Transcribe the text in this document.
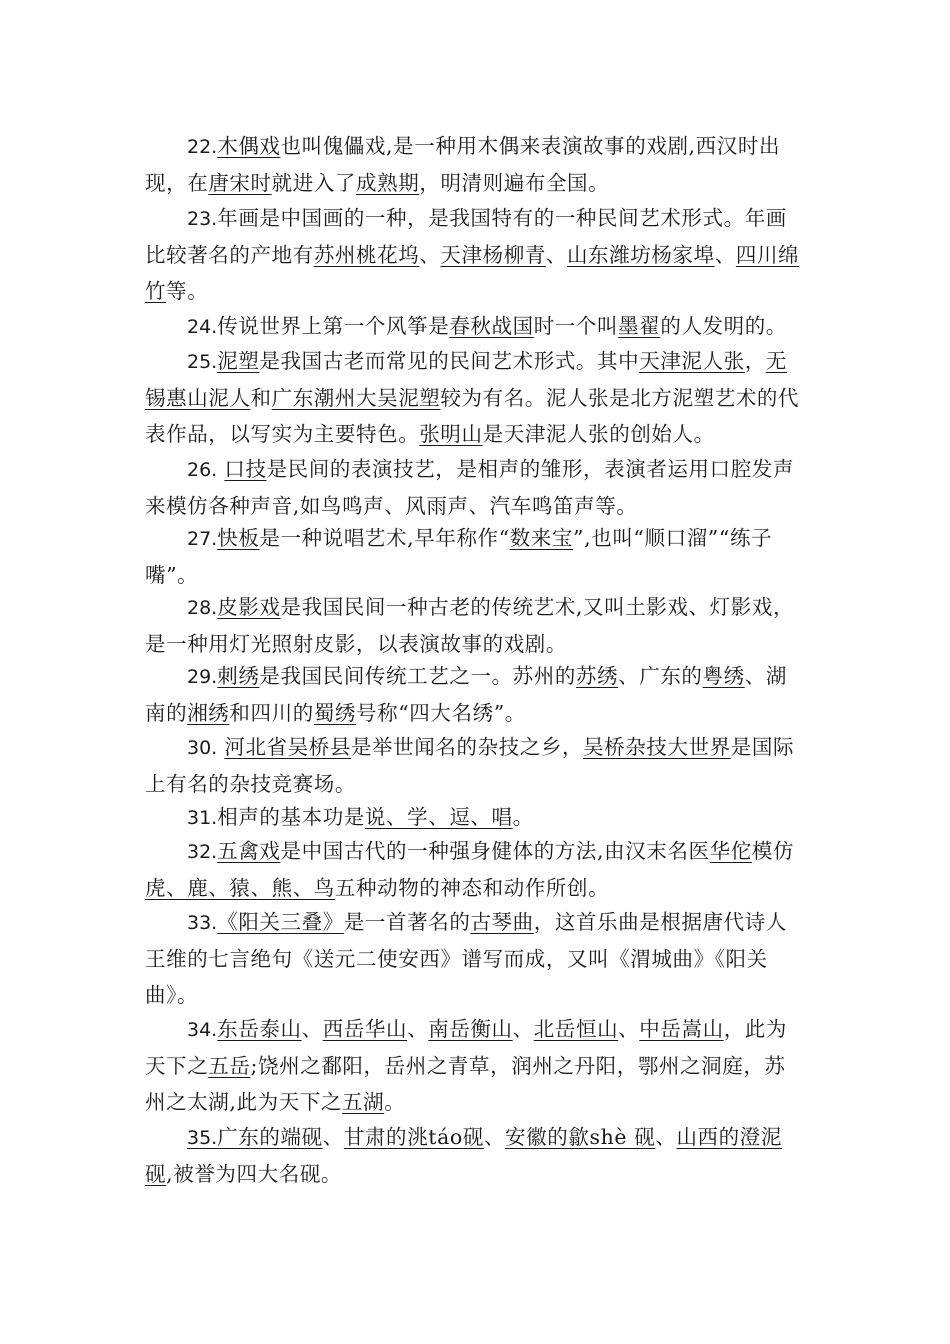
22.木偶戏也叫傀儡戏,是一种用木偶来表演故事的戏剧,西汉时出现，在唐宋时就进入了成熟期，明清则遍布全国。
23.年画是中国画的一种，是我国特有的一种民间艺术形式。年画比较著名的产地有苏州桃花坞、天津杨柳青、山东潍坊杨家埠、四川绵竹等。
24.传说世界上第一个风筝是春秋战国时一个叫墨翟的人发明的。
25.泥塑是我国古老而常见的民间艺术形式。其中天津泥人张，无锡惠山泥人和广东潮州大吴泥塑较为有名。泥人张是北方泥塑艺术的代表作品，以写实为主要特色。张明山是天津泥人张的创始人。
26. 口技是民间的表演技艺，是相声的雏形，表演者运用口腔发声来模仿各种声音,如鸟鸣声、风雨声、汽车鸣笛声等。
27.快板是一种说唱艺术,早年称作“数来宝”,也叫“顺口溜”“练子嘴”。
28.皮影戏是我国民间一种古老的传统艺术,又叫土影戏、灯影戏，是一种用灯光照射皮影，以表演故事的戏剧。
29.刺绣是我国民间传统工艺之一。苏州的苏绣、广东的粤绣、湖南的湘绣和四川的蜀绣号称“四大名绣”。
30. 河北省吴桥县是举世闻名的杂技之乡，吴桥杂技大世界是国际上有名的杂技竞赛场。
31.相声的基本功是说、学、逗、唱。
32.五禽戏是中国古代的一种强身健体的方法,由汉末名医华佗模仿虎、鹿、猿、熊、鸟五种动物的神态和动作所创。
33.《阳关三叠》是一首著名的古琴曲，这首乐曲是根据唐代诗人王维的七言绝句《送元二使安西》谱写而成，又叫《渭城曲》《阳关曲》。
34.东岳泰山、西岳华山、南岳衡山、北岳恒山、中岳嵩山，此为天下之五岳;饶州之鄱阳，岳州之青草，润州之丹阳，鄂州之洞庭，苏州之太湖,此为天下之五湖。
35.广东的端砚、甘肃的洮táo砚、安徽的歙shè 砚、山西的澄泥砚,被誉为四大名砚。
